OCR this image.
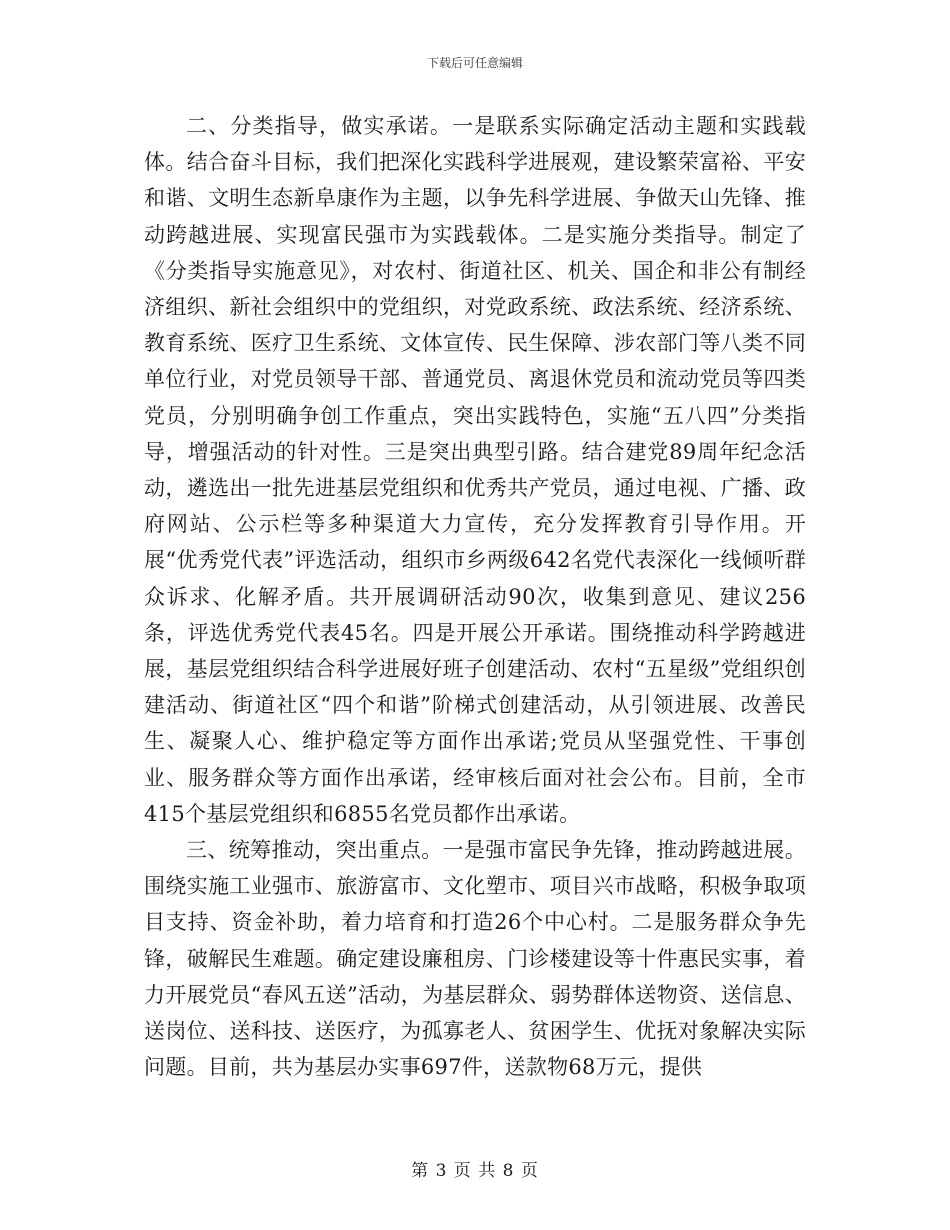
下载后可任意编辑

二、分类指导，做实承诺。一是联系实际确定活动主题和实践载体。结合奋斗目标，我们把深化实践科学进展观，建设繁荣富裕、平安和谐、文明生态新阜康作为主题，以争先科学进展、争做天山先锋、推动跨越进展、实现富民强市为实践载体。二是实施分类指导。制定了《分类指导实施意见》，对农村、街道社区、机关、国企和非公有制经济组织、新社会组织中的党组织，对党政系统、政法系统、经济系统、教育系统、医疗卫生系统、文体宣传、民生保障、涉农部门等八类不同单位行业，对党员领导干部、普通党员、离退休党员和流动党员等四类党员，分别明确争创工作重点，突出实践特色，实施“五八四”分类指导，增强活动的针对性。三是突出典型引路。结合建党89周年纪念活动，遴选出一批先进基层党组织和优秀共产党员，通过电视、广播、政府网站、公示栏等多种渠道大力宣传，充分发挥教育引导作用。开展“优秀党代表”评选活动，组织市乡两级642名党代表深化一线倾听群众诉求、化解矛盾。共开展调研活动90次，收集到意见、建议256条，评选优秀党代表45名。四是开展公开承诺。围绕推动科学跨越进展，基层党组织结合科学进展好班子创建活动、农村“五星级”党组织创建活动、街道社区“四个和谐”阶梯式创建活动，从引领进展、改善民生、凝聚人心、维护稳定等方面作出承诺;党员从坚强党性、干事创业、服务群众等方面作出承诺，经审核后面对社会公布。目前，全市415个基层党组织和6855名党员都作出承诺。

三、统筹推动，突出重点。一是强市富民争先锋，推动跨越进展。围绕实施工业强市、旅游富市、文化塑市、项目兴市战略，积极争取项目支持、资金补助，着力培育和打造26个中心村。二是服务群众争先锋，破解民生难题。确定建设廉租房、门诊楼建设等十件惠民实事，着力开展党员“春风五送”活动，为基层群众、弱势群体送物资、送信息、送岗位、送科技、送医疗，为孤寡老人、贫困学生、优抚对象解决实际问题。目前，共为基层办实事697件，送款物68万元，提供

第 3 页 共 8 页
